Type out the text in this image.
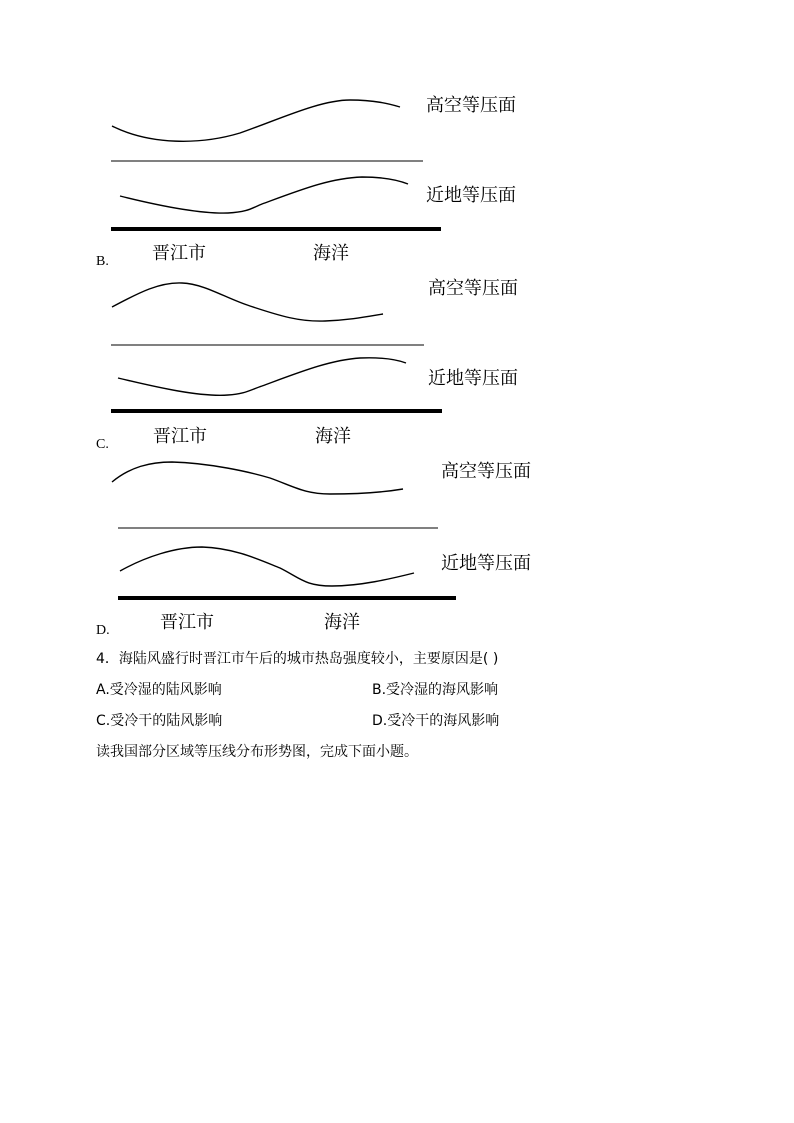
高空等压面
近地等压面
晋江市	海洋
B.
高空等压面
近地等压面
晋江市	海洋
C.
高空等压面
近地等压面
晋江市	海洋
D.
4．海陆风盛行时晋江市午后的城市热岛强度较小，主要原因是( )
A.受冷湿的陆风影响	B.受冷湿的海风影响
C.受冷干的陆风影响	D.受冷干的海风影响
读我国部分区域等压线分布形势图，完成下面小题。
